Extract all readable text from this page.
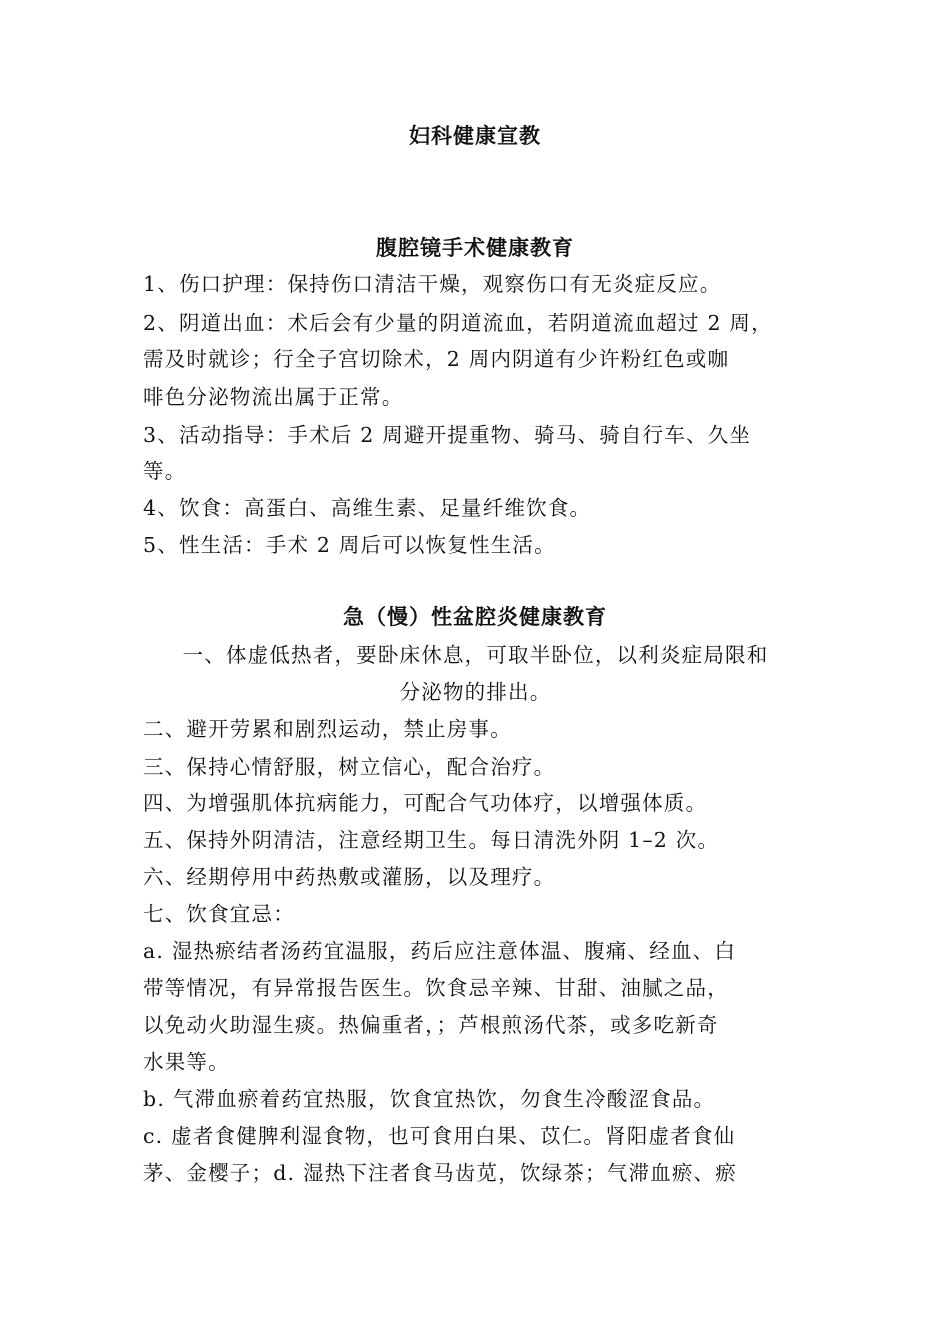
妇科健康宣教
腹腔镜手术健康教育
1、伤口护理：保持伤口清洁干燥，观察伤口有无炎症反应。
2、阴道出血：术后会有少量的阴道流血，若阴道流血超过 2 周，
需及时就诊；行全子宫切除术，2 周内阴道有少许粉红色或咖
啡色分泌物流出属于正常。
3、活动指导：手术后 2 周避开提重物、骑马、骑自行车、久坐
等。
4、饮食：高蛋白、高维生素、足量纤维饮食。
5、性生活：手术 2 周后可以恢复性生活。
急（慢）性盆腔炎健康教育
一、体虚低热者，要卧床休息，可取半卧位，以利炎症局限和
分泌物的排出。
二、避开劳累和剧烈运动，禁止房事。
三、保持心情舒服，树立信心，配合治疗。
四、为增强肌体抗病能力，可配合气功体疗，以增强体质。
五、保持外阴清洁，注意经期卫生。每日清洗外阴 1–2 次。
六、经期停用中药热敷或灌肠，以及理疗。
七、饮食宜忌：
a. 湿热瘀结者汤药宜温服，药后应注意体温、腹痛、经血、白
带等情况，有异常报告医生。饮食忌辛辣、甘甜、油腻之品，
以免动火助湿生痰。热偏重者，；芦根煎汤代茶，或多吃新奇
水果等。
b. 气滞血瘀着药宜热服，饮食宜热饮，勿食生冷酸涩食品。
c. 虚者食健脾利湿食物，也可食用白果、苡仁。肾阳虚者食仙
茅、金樱子；d. 湿热下注者食马齿苋，饮绿茶；气滞血瘀、瘀
